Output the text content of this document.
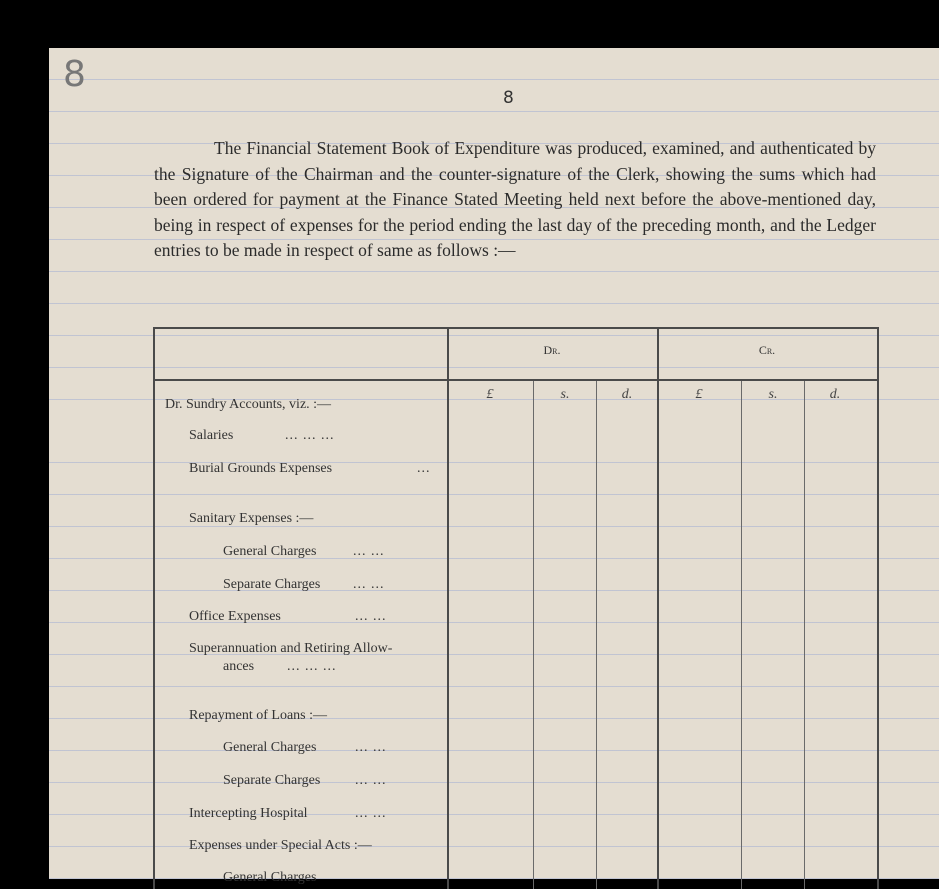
8
8

The Financial Statement Book of Expenditure was produced, examined, and authenticated by the Signature of the Chairman and the counter-signature of the Clerk, showing the sums which had been ordered for payment at the Finance Stated Meeting held next before the above-mentioned day, being in respect of expenses for the period ending the last day of the preceding month, and the Ledger entries to be made in respect of same as follows :—

Dr.	Cr.
£	s.	d.	£	s.	d.
Dr. Sundry Accounts, viz. :—
Salaries	... ... ...
Burial Grounds Expenses	...
Sanitary Expenses :—
General Charges	... ...
Separate Charges ... ...
Office Expenses	... ...
Superannuation and Retiring Allow-
ances ... ... ...
Repayment of Loans :—
General Charges	... ...
Separate Charges ... ...
Intercepting Hospital	... ...
Expenses under Special Acts :—
General Charges
